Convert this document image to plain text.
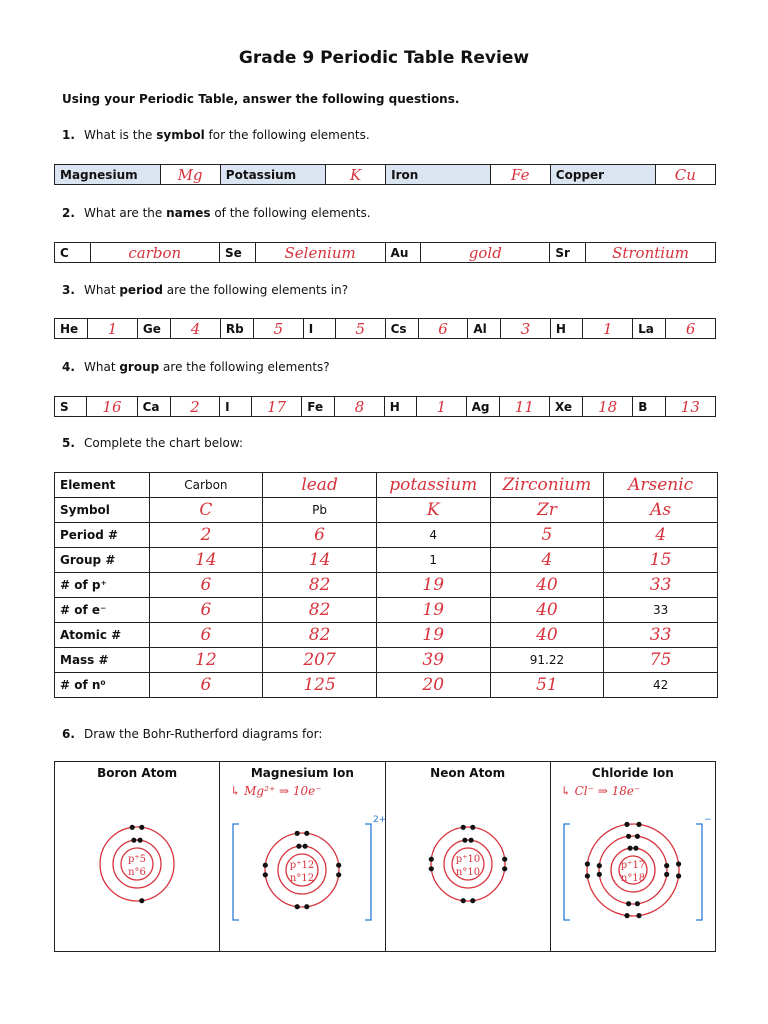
Grade 9 Periodic Table Review
Using your Periodic Table, answer the following questions.
1. What is the symbol for the following elements.
Magnesium	Mg	Potassium	K	Iron	Fe	Copper	Cu
2. What are the names of the following elements.
C	carbon	Se	Selenium	Au	gold	Sr	Strontium
3. What period are the following elements in?
He	1	Ge	4	Rb	5	I	5	Cs	6	Al	3	H	1	La	6
4. What group are the following elements?
S	16	Ca	2	I	17	Fe	8	H	1	Ag	11	Xe	18	B	13
5. Complete the chart below:
Element	Carbon	lead	potassium	Zirconium	Arsenic
Symbol	C	Pb	K	Zr	As
Period #	2	6	4	5	4
Group #	14	14	1	4	15
# of p⁺	6	82	19	40	33
# of e⁻	6	82	19	40	33
Atomic #	6	82	19	40	33
Mass #	12	207	39	91.22	75
# of n⁰	6	125	20	51	42
6. Draw the Bohr-Rutherford diagrams for:
Boron Atom
p⁺5
n°6

Magnesium Ion
↳ Mg²⁺ ⇒ 10e⁻
p⁺12
n°12
2+

Neon Atom
p⁺10
n°10

Chloride Ion
↳ Cl⁻ ⇒ 18e⁻
p⁺17
n°18
−
